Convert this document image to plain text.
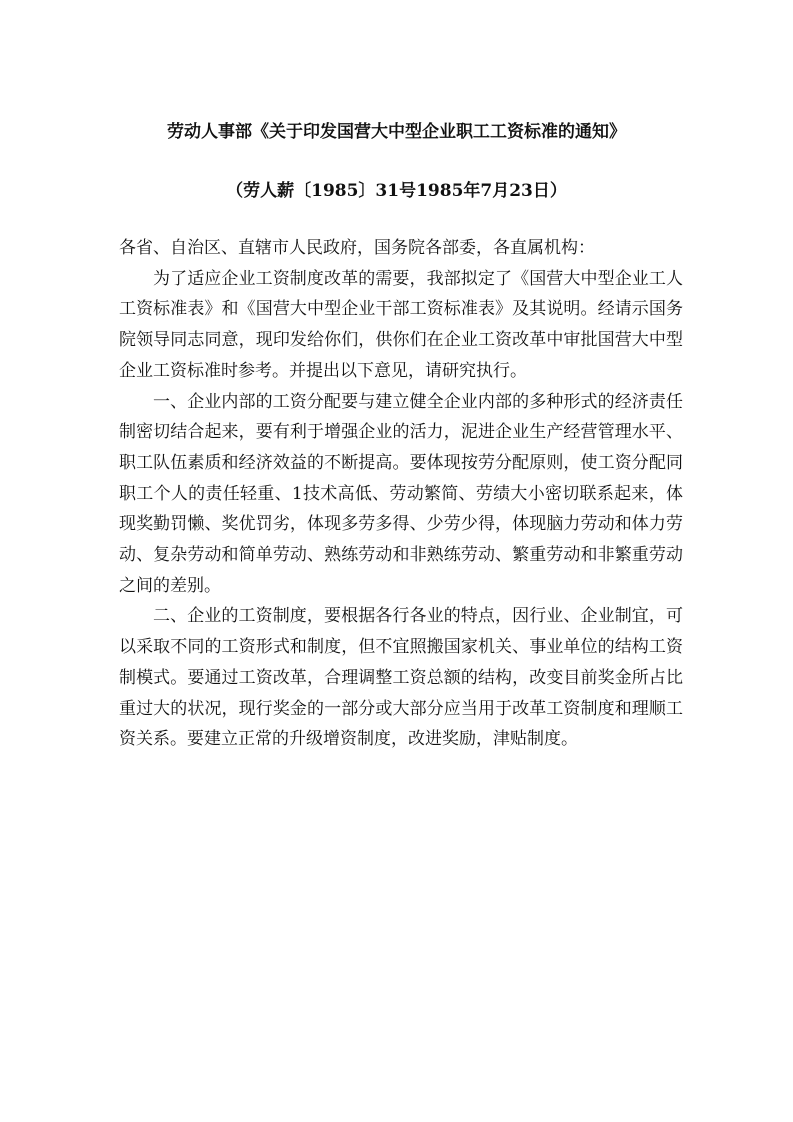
劳动人事部《关于印发国营大中型企业职工工资标准的通知》
（劳人薪〔1985〕31号1985年7月23日）

各省、自治区、直辖市人民政府，国务院各部委，各直属机构：

为了适应企业工资制度改革的需要，我部拟定了《国营大中型企业工人工资标准表》和《国营大中型企业干部工资标准表》及其说明。经请示国务院领导同志同意，现印发给你们，供你们在企业工资改革中审批国营大中型企业工资标准时参考。并提出以下意见，请研究执行。

一、企业内部的工资分配要与建立健全企业内部的多种形式的经济责任制密切结合起来，要有利于增强企业的活力，泥进企业生产经营管理水平、职工队伍素质和经济效益的不断提高。要体现按劳分配原则，使工资分配同职工个人的责任轻重、1技术高低、劳动繁简、劳绩大小密切联系起来，体现奖勤罚懒、奖优罚劣，体现多劳多得、少劳少得，体现脑力劳动和体力劳动、复杂劳动和简单劳动、熟练劳动和非熟练劳动、繁重劳动和非繁重劳动之间的差别。

二、企业的工资制度，要根据各行各业的特点，因行业、企业制宜，可以采取不同的工资形式和制度，但不宜照搬国家机关、事业单位的结构工资制模式。要通过工资改革，合理调整工资总额的结构，改变目前奖金所占比重过大的状况，现行奖金的一部分或大部分应当用于改革工资制度和理顺工资关系。要建立正常的升级增资制度，改进奖励，津贴制度。
